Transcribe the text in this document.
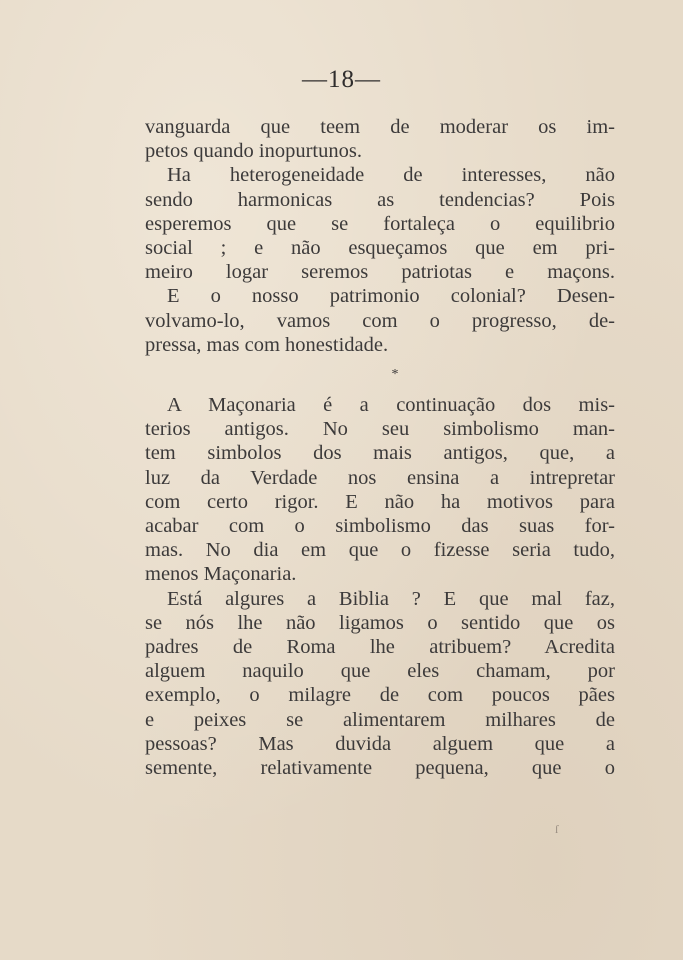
—18—
vanguarda que teem de moderar os im-
petos quando inopurtunos.
Ha heterogeneidade de interesses, não
sendo harmonicas as tendencias? Pois
esperemos que se fortaleça o equilibrio
social ; e não esqueçamos que em pri-
meiro logar seremos patriotas e maçons.
E o nosso patrimonio colonial? Desen-
volvamo-lo, vamos com o progresso, de-
pressa, mas com honestidade.
*
A Maçonaria é a continuação dos mis-
terios antigos. No seu simbolismo man-
tem simbolos dos mais antigos, que, a
luz da Verdade nos ensina a intrepretar
com certo rigor. E não ha motivos para
acabar com o simbolismo das suas for-
mas. No dia em que o fizesse seria tudo,
menos Maçonaria.
Está algures a Biblia ? E que mal faz,
se nós lhe não ligamos o sentido que os
padres de Roma lhe atribuem? Acredita
alguem naquilo que eles chamam, por
exemplo, o milagre de com poucos pães
e peixes se alimentarem milhares de
pessoas? Mas duvida alguem que a
semente, relativamente pequena, que o
ſ
